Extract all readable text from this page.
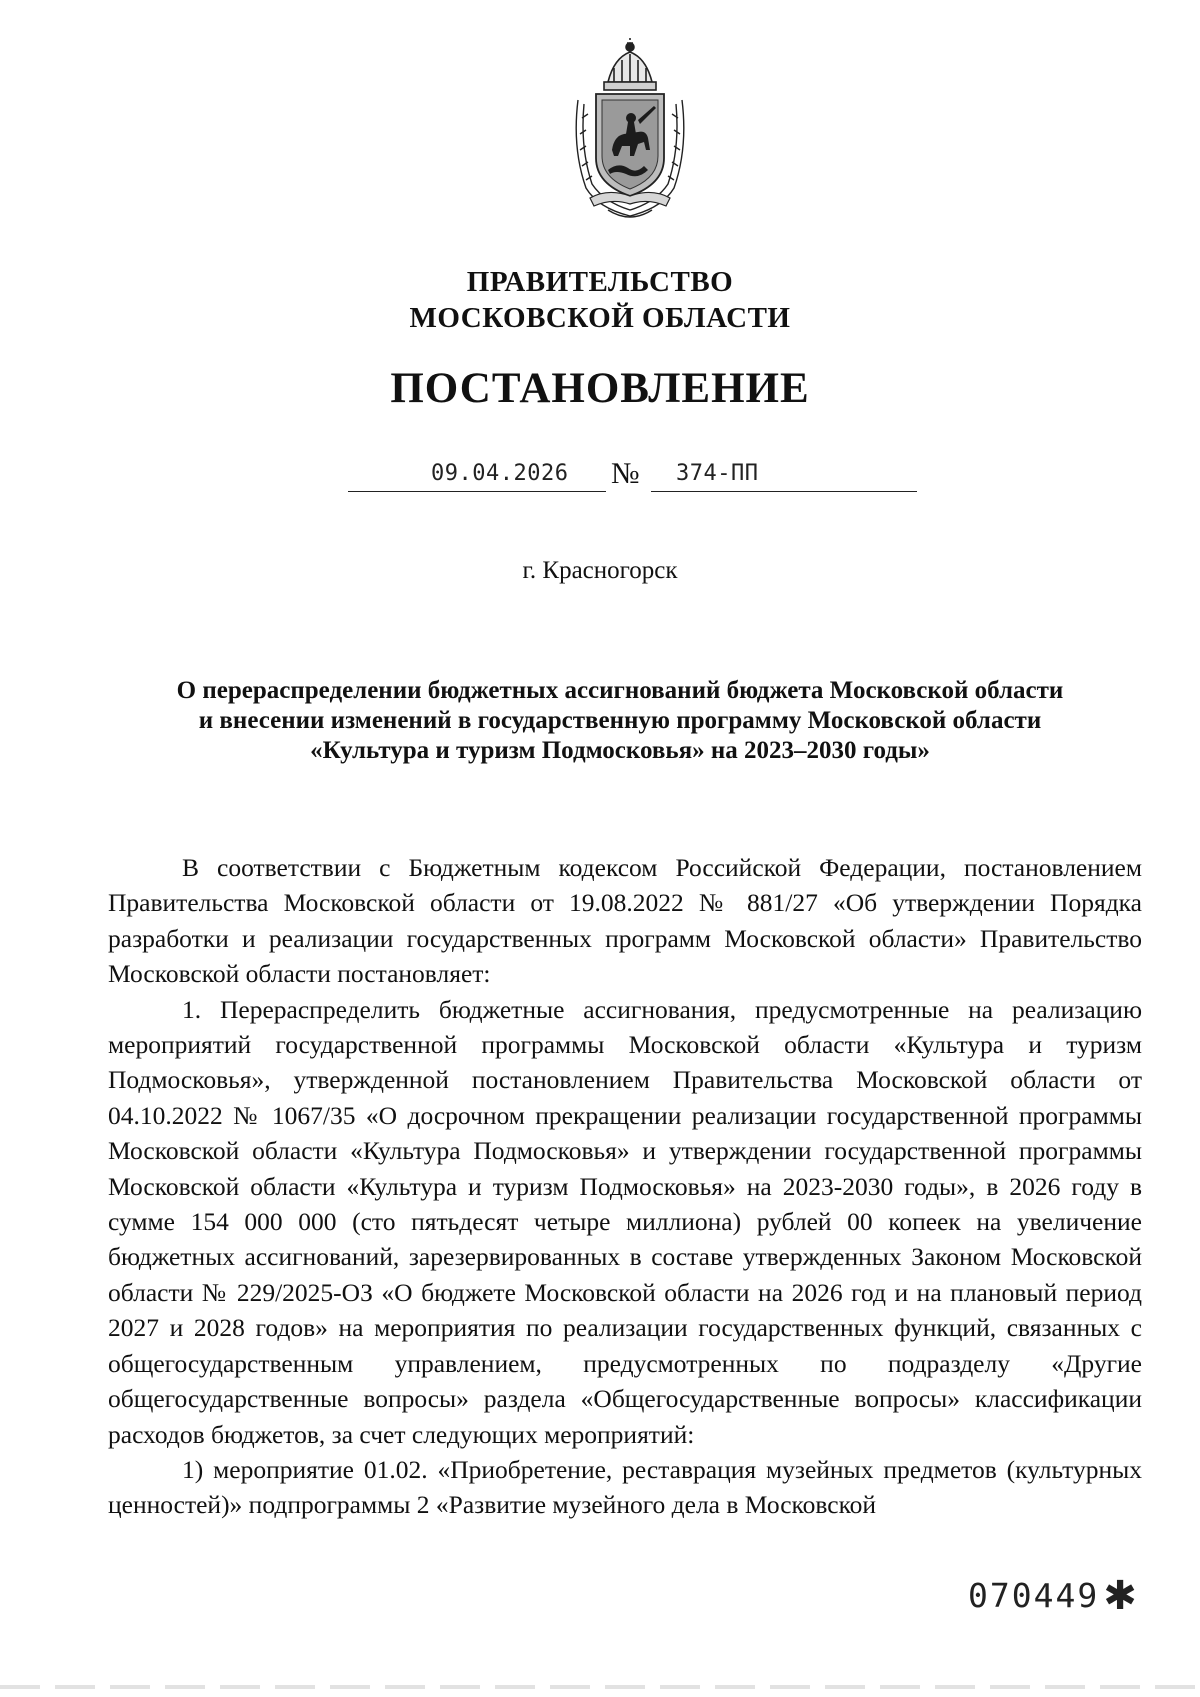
ПРАВИТЕЛЬСТВО
МОСКОВСКОЙ ОБЛАСТИ
ПОСТАНОВЛЕНИЕ
09.04.2026 № 374-ПП
г. Красногорск
О перераспределении бюджетных ассигнований бюджета Московской области
и внесении изменений в государственную программу Московской области
«Культура и туризм Подмосковья» на 2023–2030 годы»

В соответствии с Бюджетным кодексом Российской Федерации, постановлением Правительства Московской области от 19.08.2022 № 881/27 «Об утверждении Порядка разработки и реализации государственных программ Московской области» Правительство Московской области постановляет:

1. Перераспределить бюджетные ассигнования, предусмотренные на реализацию мероприятий государственной программы Московской области «Культура и туризм Подмосковья», утвержденной постановлением Правительства Московской области от 04.10.2022 № 1067/35 «О досрочном прекращении реализации государственной программы Московской области «Культура Подмосковья» и утверждении государственной программы Московской области «Культура и туризм Подмосковья» на 2023-2030 годы», в 2026 году в сумме 154 000 000 (сто пятьдесят четыре миллиона) рублей 00 копеек на увеличение бюджетных ассигнований, зарезервированных в составе утвержденных Законом Московской области № 229/2025-ОЗ «О бюджете Московской области на 2026 год и на плановый период 2027 и 2028 годов» на мероприятия по реализации государственных функций, связанных с общегосударственным управлением, предусмотренных по подразделу «Другие общегосударственные вопросы» раздела «Общегосударственные вопросы» классификации расходов бюджетов, за счет следующих мероприятий:

1) мероприятие 01.02. «Приобретение, реставрация музейных предметов (культурных ценностей)» подпрограммы 2 «Развитие музейного дела в Московской

070449 ✱
